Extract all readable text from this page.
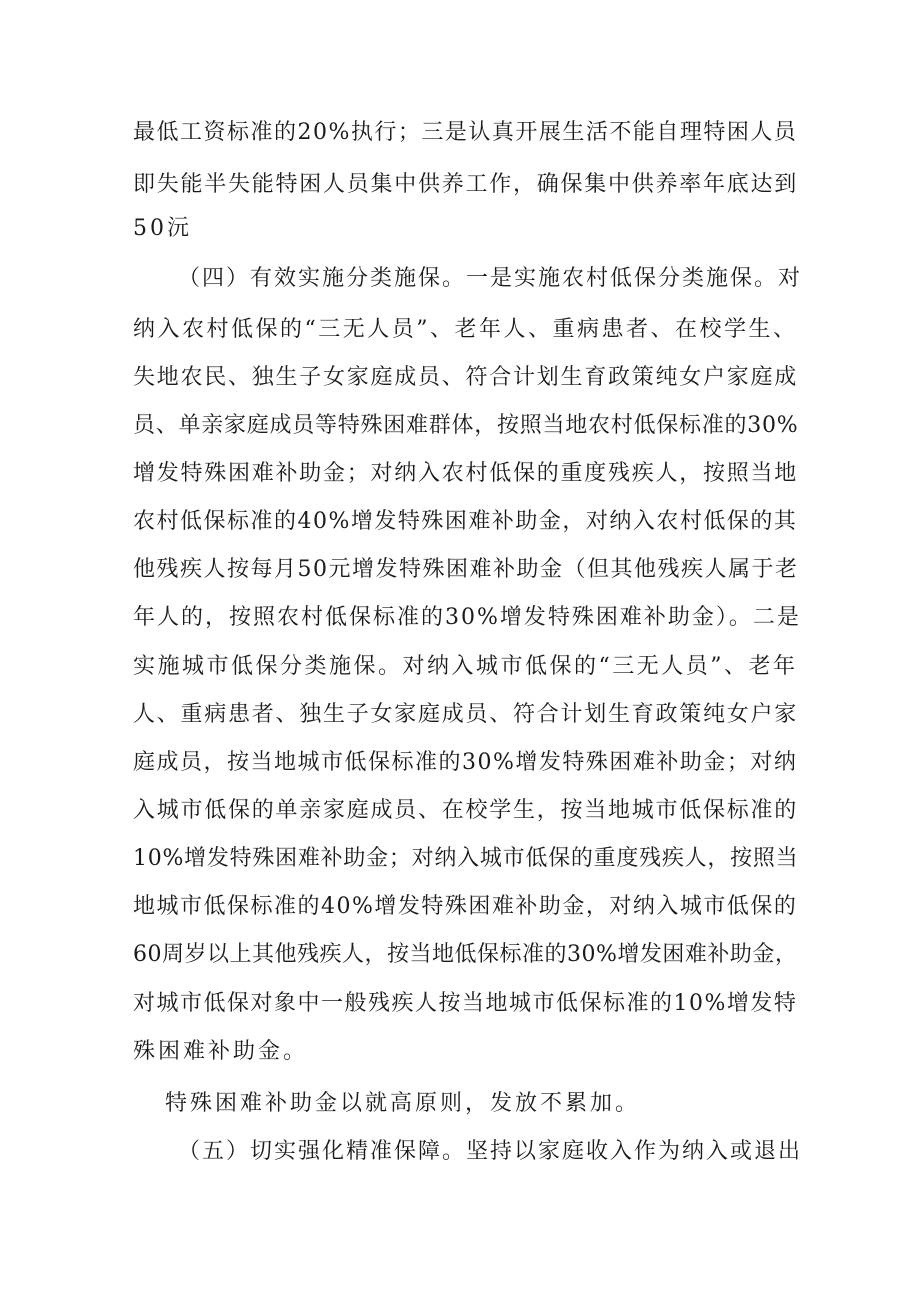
最低工资标准的20%执行；三是认真开展生活不能自理特困人员
即失能半失能特困人员集中供养工作，确保集中供养率年底达到
50沅
（四）有效实施分类施保。一是实施农村低保分类施保。对
纳入农村低保的“三无人员”、老年人、重病患者、在校学生、
失地农民、独生子女家庭成员、符合计划生育政策纯女户家庭成
员、单亲家庭成员等特殊困难群体，按照当地农村低保标准的30%
增发特殊困难补助金；对纳入农村低保的重度残疾人，按照当地
农村低保标准的40%增发特殊困难补助金，对纳入农村低保的其
他残疾人按每月50元增发特殊困难补助金（但其他残疾人属于老
年人的，按照农村低保标准的30%增发特殊困难补助金）。二是
实施城市低保分类施保。对纳入城市低保的“三无人员”、老年
人、重病患者、独生子女家庭成员、符合计划生育政策纯女户家
庭成员，按当地城市低保标准的30%增发特殊困难补助金；对纳
入城市低保的单亲家庭成员、在校学生，按当地城市低保标准的
10%增发特殊困难补助金；对纳入城市低保的重度残疾人，按照当
地城市低保标准的40%增发特殊困难补助金，对纳入城市低保的
60周岁以上其他残疾人，按当地低保标准的30%增发困难补助金，
对城市低保对象中一般残疾人按当地城市低保标准的10%增发特
殊困难补助金。
特殊困难补助金以就高原则，发放不累加。
（五）切实强化精准保障。坚持以家庭收入作为纳入或退出
